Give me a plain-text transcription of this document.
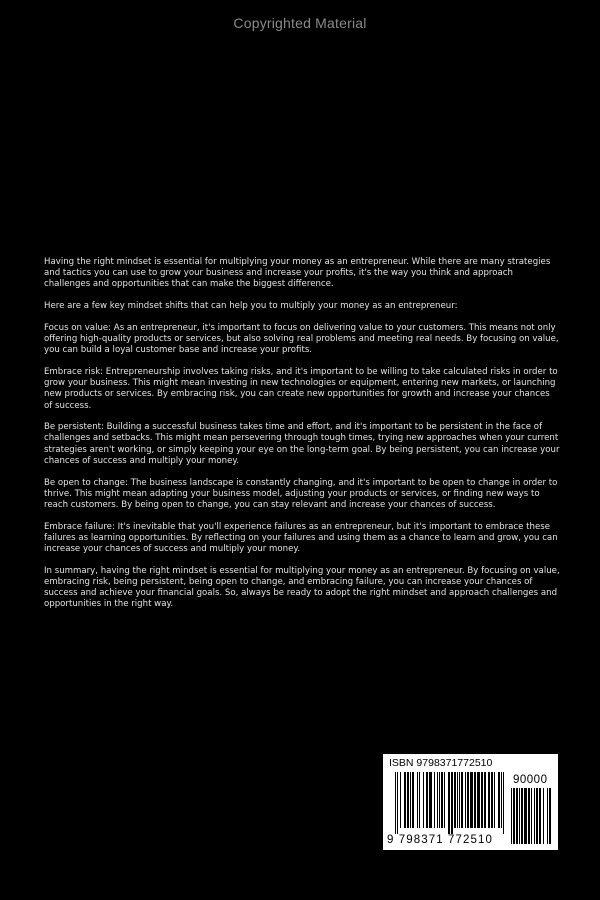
Copyrighted Material

Having the right mindset is essential for multiplying your money as an entrepreneur. While there are many strategies and tactics you can use to grow your business and increase your profits, it's the way you think and approach challenges and opportunities that can make the biggest difference.

Here are a few key mindset shifts that can help you to multiply your money as an entrepreneur:

Focus on value: As an entrepreneur, it's important to focus on delivering value to your customers. This means not only offering high-quality products or services, but also solving real problems and meeting real needs. By focusing on value, you can build a loyal customer base and increase your profits.

Embrace risk: Entrepreneurship involves taking risks, and it's important to be willing to take calculated risks in order to grow your business. This might mean investing in new technologies or equipment, entering new markets, or launching new products or services. By embracing risk, you can create new opportunities for growth and increase your chances of success.

Be persistent: Building a successful business takes time and effort, and it's important to be persistent in the face of challenges and setbacks. This might mean persevering through tough times, trying new approaches when your current strategies aren't working, or simply keeping your eye on the long-term goal. By being persistent, you can increase your chances of success and multiply your money.

Be open to change: The business landscape is constantly changing, and it's important to be open to change in order to thrive. This might mean adapting your business model, adjusting your products or services, or finding new ways to reach customers. By being open to change, you can stay relevant and increase your chances of success.

Embrace failure: It's inevitable that you'll experience failures as an entrepreneur, but it's important to embrace these failures as learning opportunities. By reflecting on your failures and using them as a chance to learn and grow, you can increase your chances of success and multiply your money.

In summary, having the right mindset is essential for multiplying your money as an entrepreneur. By focusing on value, embracing risk, being persistent, being open to change, and embracing failure, you can increase your chances of success and achieve your financial goals. So, always be ready to adopt the right mindset and approach challenges and opportunities in the right way.

ISBN 9798371772510
90000
9 798371 772510
